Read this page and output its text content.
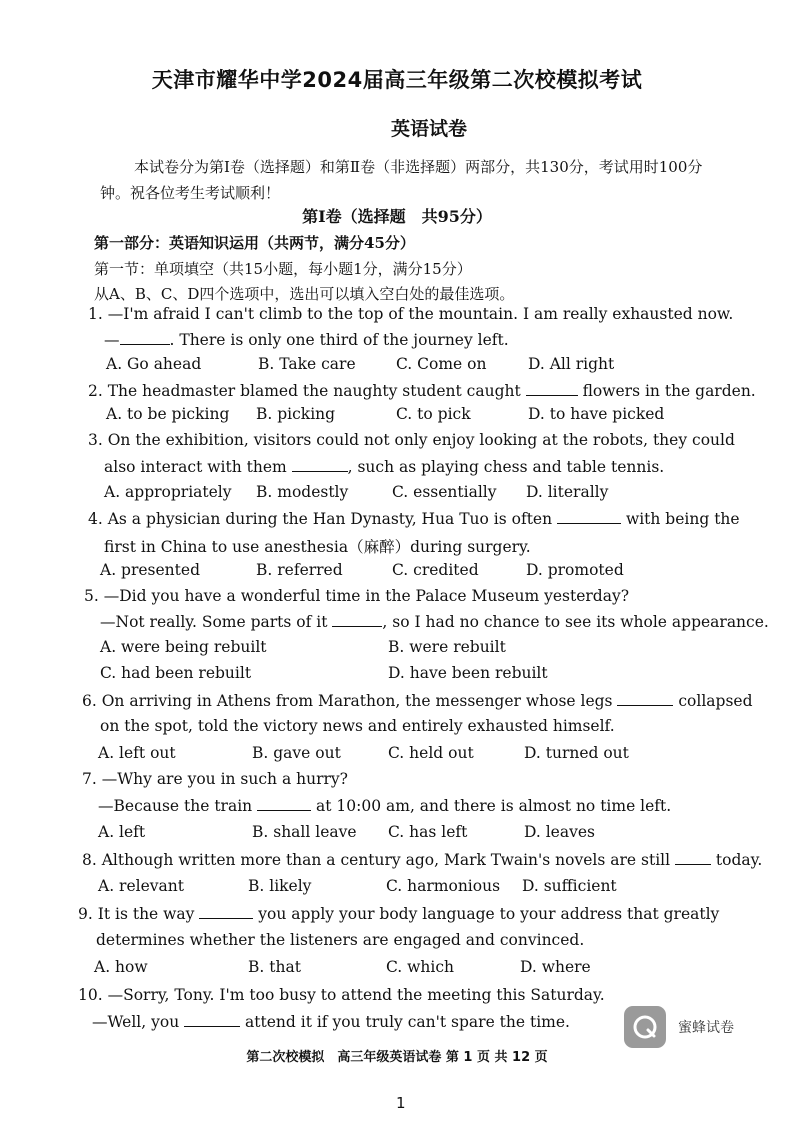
天津市耀华中学2024届高三年级第二次校模拟考试
英语试卷
本试卷分为第Ⅰ卷（选择题）和第Ⅱ卷（非选择题）两部分，共130分，考试用时100分钟。祝各位考生考试顺利！
第Ⅰ卷（选择题　共95分）
第一部分：英语知识运用（共两节，满分45分）
第一节：单项填空（共15小题，每小题1分，满分15分）
从A、B、C、D四个选项中，选出可以填入空白处的最佳选项。
1. —I'm afraid I can't climb to the top of the mountain. I am really exhausted now.
—	. There is only one third of the journey left.
A. Go ahead	B. Take care	C. Come on	D. All right
2. The headmaster blamed the naughty student caught	flowers in the garden.
A. to be picking B. picking	C. to pick	D. to have picked
3. On the exhibition, visitors could not only enjoy looking at the robots, they could
also interact with them	, such as playing chess and table tennis.
A. appropriately B. modestly	C. essentially D. literally
4. As a physician during the Han Dynasty, Hua Tuo is often	with being the
first in China to use anesthesia（麻醉）during surgery.
A. presented	B. referred	C. credited	D. promoted
5. —Did you have a wonderful time in the Palace Museum yesterday?
—Not really. Some parts of it	, so I had no chance to see its whole appearance.
A. were being rebuilt	B. were rebuilt
C. had been rebuilt	D. have been rebuilt
6. On arriving in Athens from Marathon, the messenger whose legs	collapsed
on the spot, told the victory news and entirely exhausted himself.
A. left out	B. gave out	C. held out	D. turned out
7. —Why are you in such a hurry?
—Because the train	at 10:00 am, and there is almost no time left.
A. left	B. shall leave C. has left	D. leaves
8. Although written more than a century ago, Mark Twain's novels are still  today.
A. relevant	B. likely	C. harmonious D. sufficient
9. It is the way	you apply your body language to your address that greatly
determines whether the listeners are engaged and convinced.
A. how	B. that	C. which	D. where
10. —Sorry, Tony. I'm too busy to attend the meeting this Saturday.
—Well, you	attend it if you truly can't spare the time.
第二次校模拟　高三年级英语试卷 第 1 页 共 12 页
1
蜜蜂试卷
